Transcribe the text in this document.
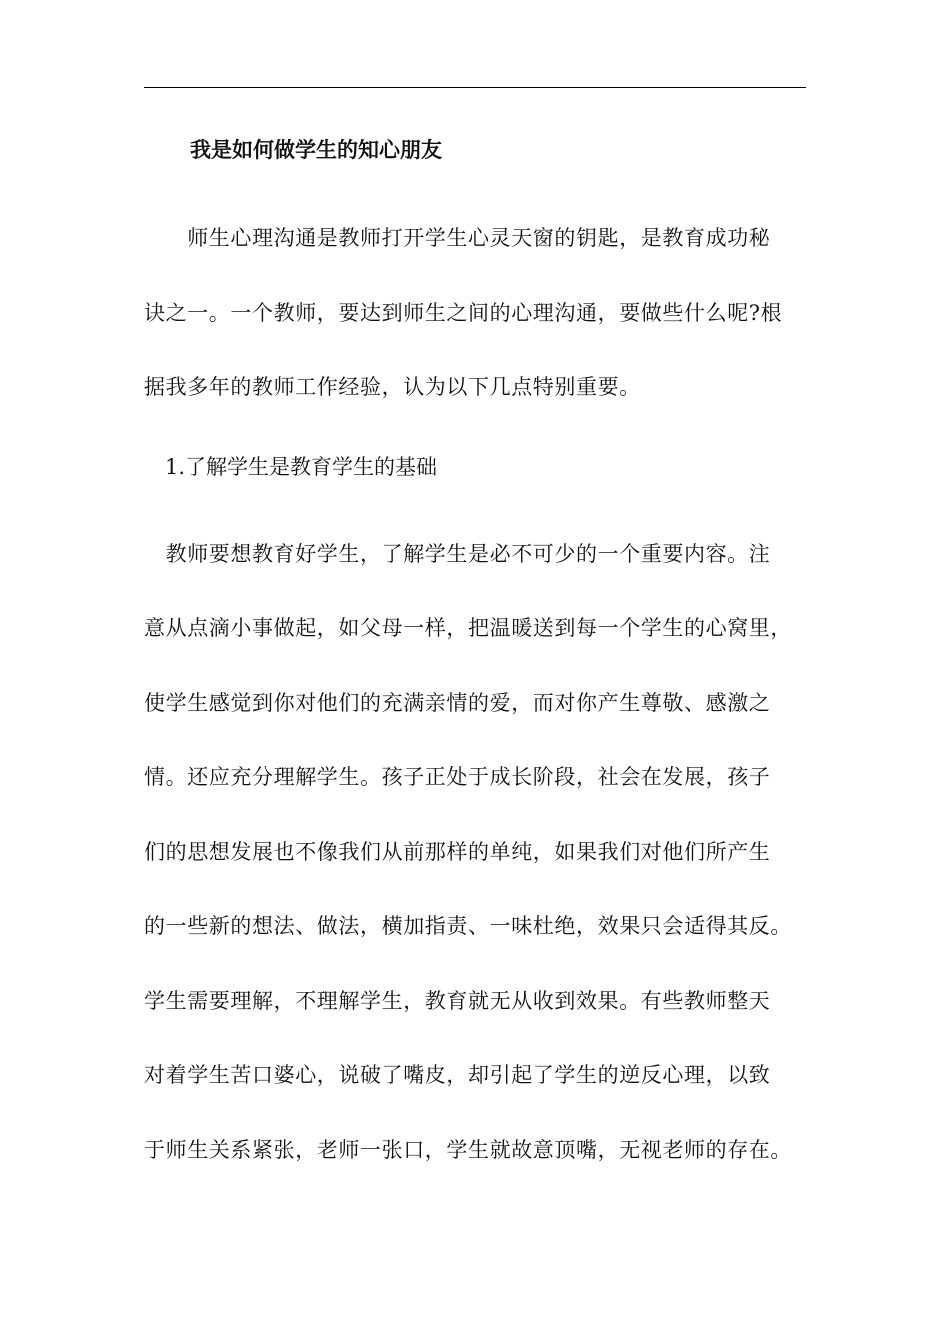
我是如何做学生的知心朋友
　　师生心理沟通是教师打开学生心灵天窗的钥匙，是教育成功秘
诀之一。一个教师，要达到师生之间的心理沟通，要做些什么呢?根
据我多年的教师工作经验，认为以下几点特别重要。
1.了解学生是教育学生的基础
　教师要想教育好学生，了解学生是必不可少的一个重要内容。注
意从点滴小事做起，如父母一样，把温暖送到每一个学生的心窝里，
使学生感觉到你对他们的充满亲情的爱，而对你产生尊敬、感激之
情。还应充分理解学生。孩子正处于成长阶段，社会在发展，孩子
们的思想发展也不像我们从前那样的单纯，如果我们对他们所产生
的一些新的想法、做法，横加指责、一味杜绝，效果只会适得其反。
学生需要理解，不理解学生，教育就无从收到效果。有些教师整天
对着学生苦口婆心，说破了嘴皮，却引起了学生的逆反心理，以致
于师生关系紧张，老师一张口，学生就故意顶嘴，无视老师的存在。
